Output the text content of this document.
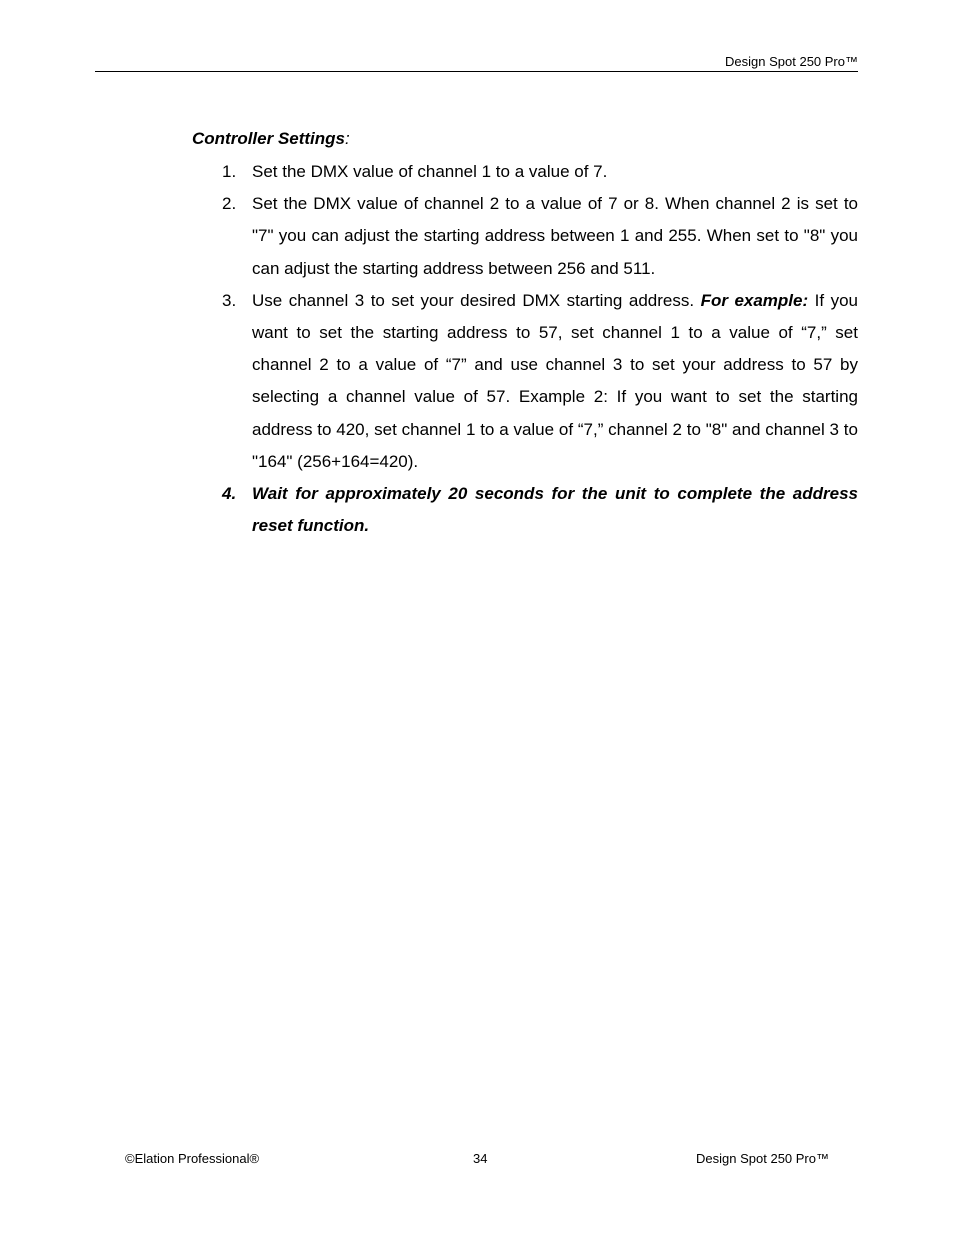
Design Spot 250 Pro™
Controller Settings:
1. Set the DMX value of channel 1 to a value of 7.
2. Set the DMX value of channel 2 to a value of 7 or 8. When channel 2 is set to "7" you can adjust the starting address between 1 and 255. When set to "8" you can adjust the starting address between 256 and 511.
3. Use channel 3 to set your desired DMX starting address. For example: If you want to set the starting address to 57, set channel 1 to a value of “7,” set channel 2 to a value of “7” and use channel 3 to set your address to 57 by selecting a channel value of 57. Example 2: If you want to set the starting address to 420, set channel 1 to a value of “7,” channel 2 to "8" and channel 3 to "164" (256+164=420).
4. Wait for approximately 20 seconds for the unit to complete the address reset function.
©Elation Professional®	34	Design Spot 250 Pro™
